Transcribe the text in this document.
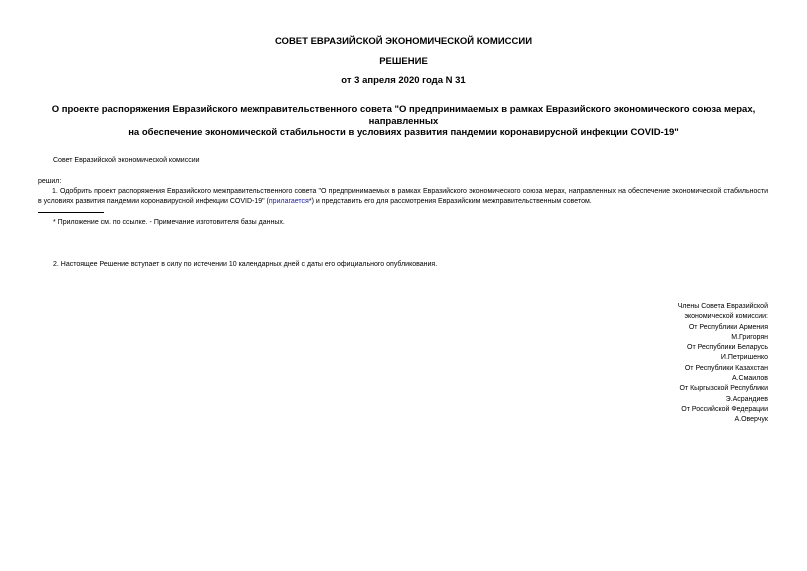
СОВЕТ ЕВРАЗИЙСКОЙ ЭКОНОМИЧЕСКОЙ КОМИССИИ
РЕШЕНИЕ
от 3 апреля 2020 года N 31
О проекте распоряжения Евразийского межправительственного совета "О предпринимаемых в рамках Евразийского экономического союза мерах, направленных
на обеспечение экономической стабильности в условиях развития пандемии коронавирусной инфекции COVID-19"
Совет Евразийской экономической комиссии
решил:
1. Одобрить проект распоряжения Евразийского межправительственного совета "О предпринимаемых в рамках Евразийского экономического союза мерах, направленных на обеспечение экономической стабильности в условиях развития пандемии коронавирусной инфекции COVID-19" (прилагается*) и представить его для рассмотрения Евразийским межправительственным советом.
* Приложение см. по ссылке. - Примечание изготовителя базы данных.
2. Настоящее Решение вступает в силу по истечении 10 календарных дней с даты его официального опубликования.
Члены Совета Евразийской
экономической комиссии:
От Республики Армения
М.Григорян
От Республики Беларусь
И.Петришенко
От Республики Казахстан
А.Смаилов
От Кыргызской Республики
Э.Асрандиев
От Российской Федерации
А.Оверчук
